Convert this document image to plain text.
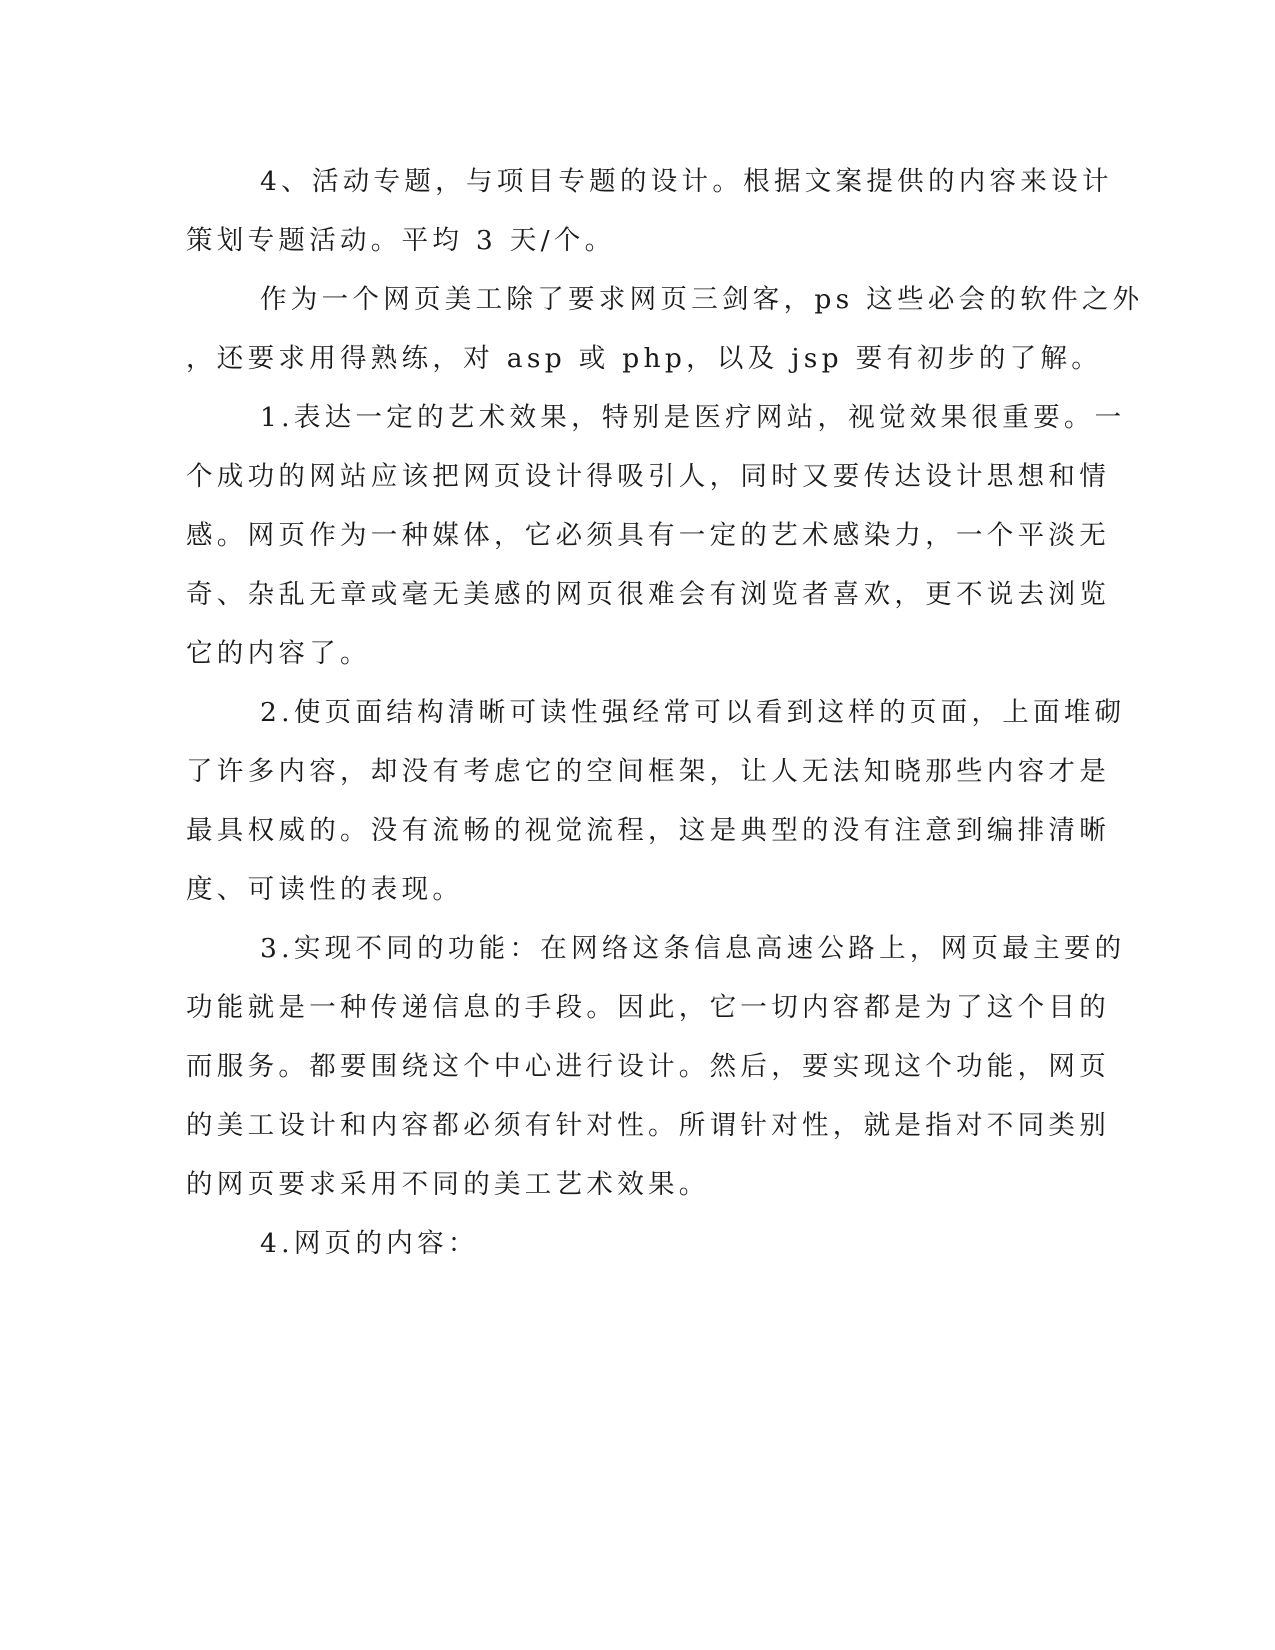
4、活动专题，与项目专题的设计。根据文案提供的内容来设计
策划专题活动。平均 3 天/个。
作为一个网页美工除了要求网页三剑客，ps 这些必会的软件之外
，还要求用得熟练，对 asp 或 php，以及 jsp 要有初步的了解。
1.表达一定的艺术效果，特别是医疗网站，视觉效果很重要。一
个成功的网站应该把网页设计得吸引人，同时又要传达设计思想和情
感。网页作为一种媒体，它必须具有一定的艺术感染力，一个平淡无
奇、杂乱无章或毫无美感的网页很难会有浏览者喜欢，更不说去浏览
它的内容了。
2.使页面结构清晰可读性强经常可以看到这样的页面，上面堆砌
了许多内容，却没有考虑它的空间框架，让人无法知晓那些内容才是
最具权威的。没有流畅的视觉流程，这是典型的没有注意到编排清晰
度、可读性的表现。
3.实现不同的功能：在网络这条信息高速公路上，网页最主要的
功能就是一种传递信息的手段。因此，它一切内容都是为了这个目的
而服务。都要围绕这个中心进行设计。然后，要实现这个功能，网页
的美工设计和内容都必须有针对性。所谓针对性，就是指对不同类别
的网页要求采用不同的美工艺术效果。
4.网页的内容：
